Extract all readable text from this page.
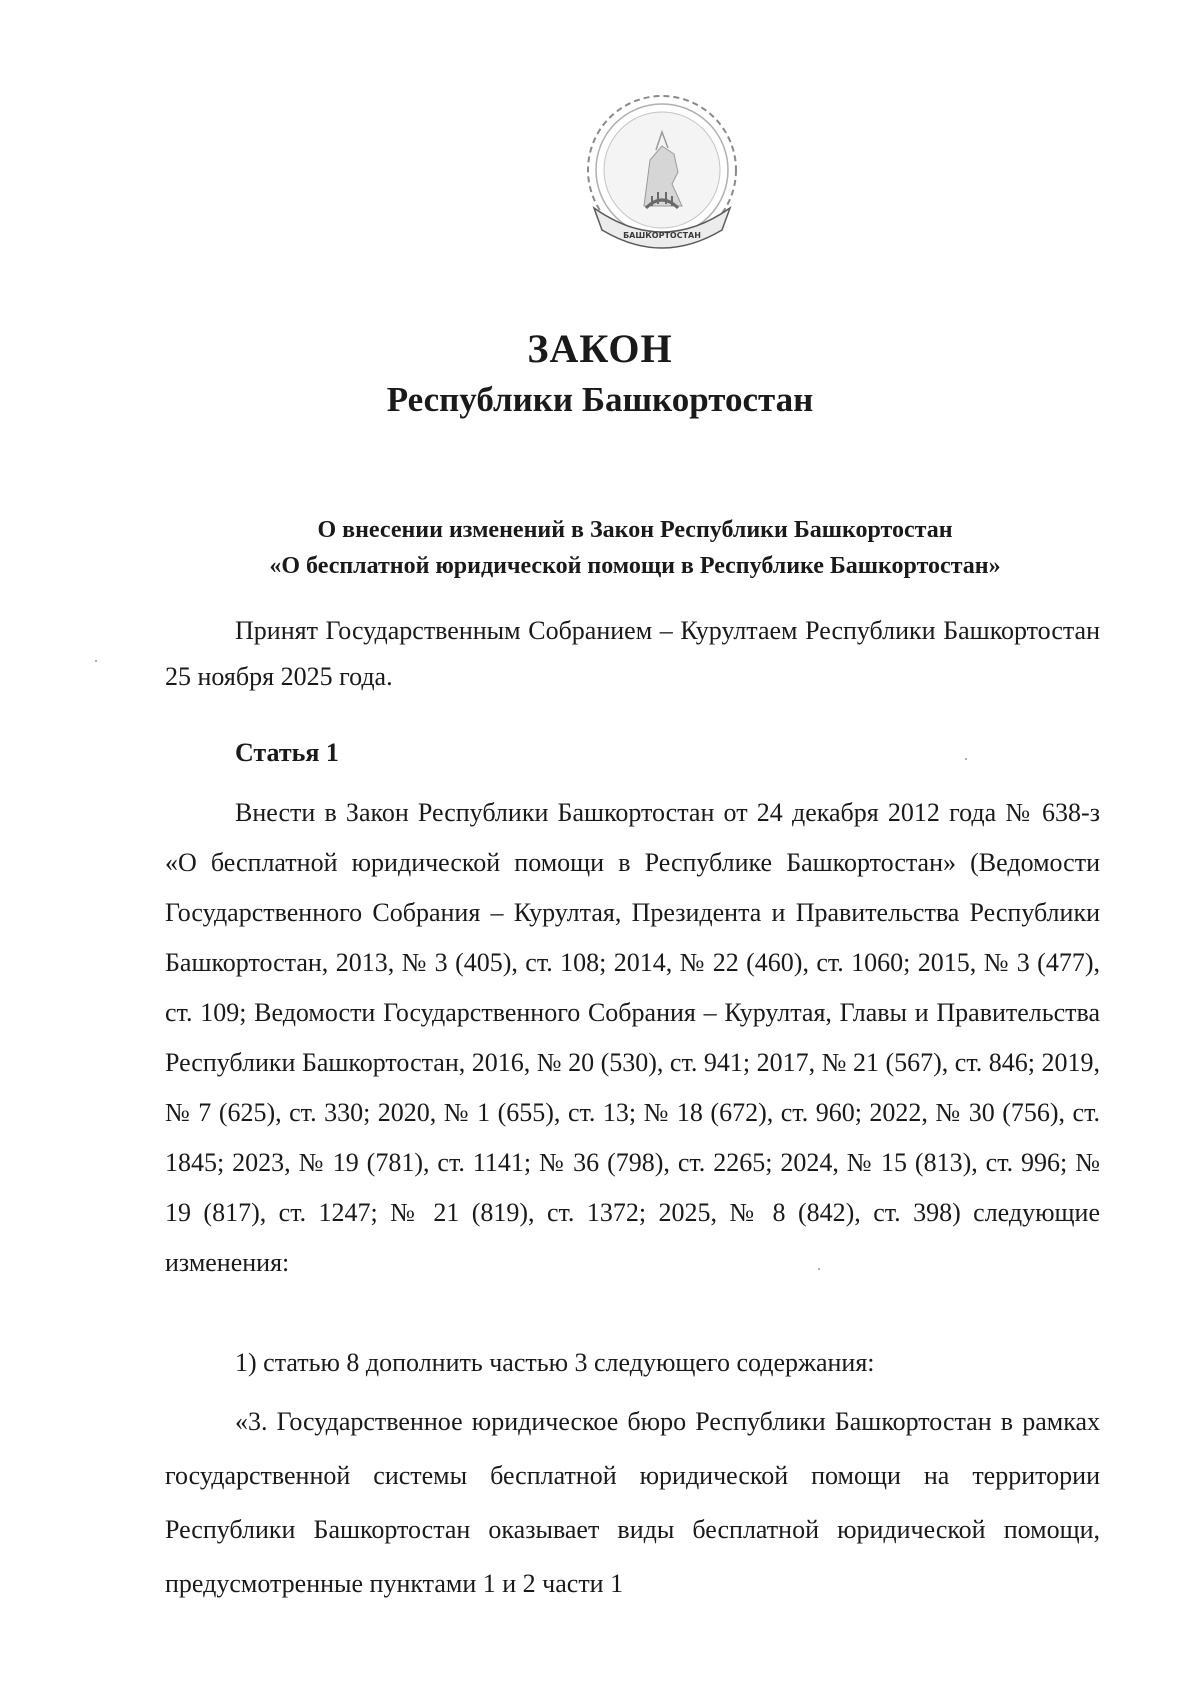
БАШКОРТОСТАН
ЗАКОН
Республики Башкортостан
О внесении изменений в Закон Республики Башкортостан
«О бесплатной юридической помощи в Республике Башкортостан»
Принят Государственным Собранием – Курултаем Республики Башкортостан 25 ноября 2025 года.
Статья 1
Внести в Закон Республики Башкортостан от 24 декабря 2012 года № 638-з «О бесплатной юридической помощи в Республике Башкортостан» (Ведомости Государственного Собрания – Курултая, Президента и Правительства Республики Башкортостан, 2013, № 3 (405), ст. 108; 2014, № 22 (460), ст. 1060; 2015, № 3 (477), ст. 109; Ведомости Государственного Собрания – Курултая, Главы и Правительства Республики Башкортостан, 2016, № 20 (530), ст. 941; 2017, № 21 (567), ст. 846; 2019, № 7 (625), ст. 330; 2020, № 1 (655), ст. 13; № 18 (672), ст. 960; 2022, № 30 (756), ст. 1845; 2023, № 19 (781), ст. 1141; № 36 (798), ст. 2265; 2024, № 15 (813), ст. 996; № 19 (817), ст. 1247; № 21 (819), ст. 1372; 2025, № 8 (842), ст. 398) следующие изменения:
1) статью 8 дополнить частью 3 следующего содержания:
«3. Государственное юридическое бюро Республики Башкортостан в рамках государственной системы бесплатной юридической помощи на территории Республики Башкортостан оказывает виды бесплатной юридической помощи, предусмотренные пунктами 1 и 2 части 1
